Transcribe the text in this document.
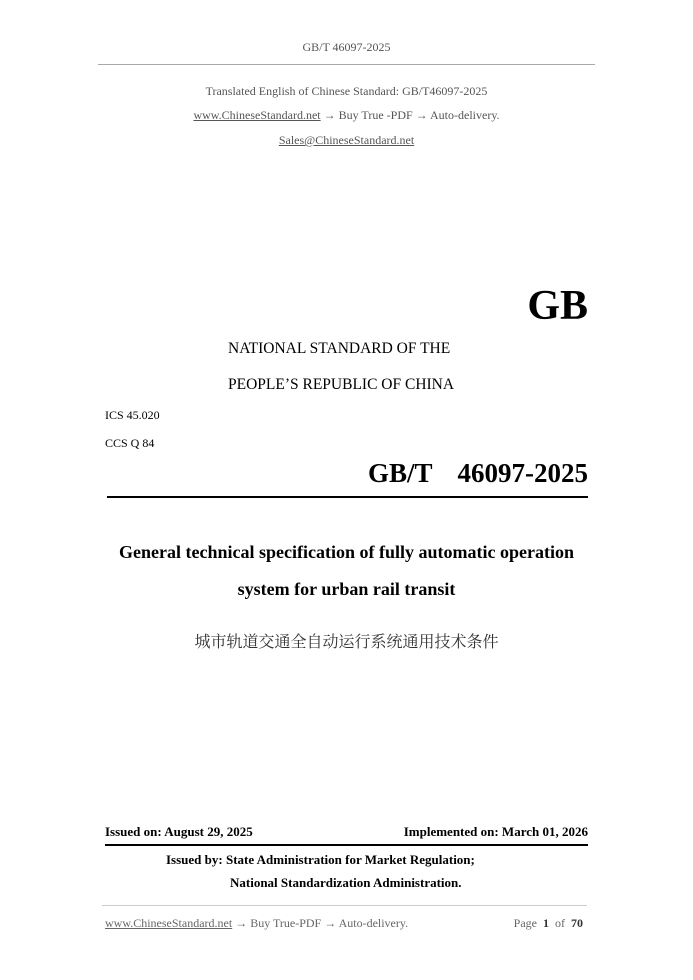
GB/T 46097-2025
Translated English of Chinese Standard: GB/T46097-2025
www.ChineseStandard.net → Buy True -PDF → Auto-delivery.
Sales@ChineseStandard.net
GB
NATIONAL STANDARD OF THE
PEOPLE’S REPUBLIC OF CHINA
ICS 45.020
CCS Q 84
GB/T  46097-2025
General technical specification of fully automatic operation
system for urban rail transit
城市轨道交通全自动运行系统通用技术条件
Issued on: August 29, 2025	Implemented on: March 01, 2026
Issued by: State Administration for Market Regulation;
National Standardization Administration.
www.ChineseStandard.net → Buy True-PDF → Auto-delivery.	Page 1 of 70
